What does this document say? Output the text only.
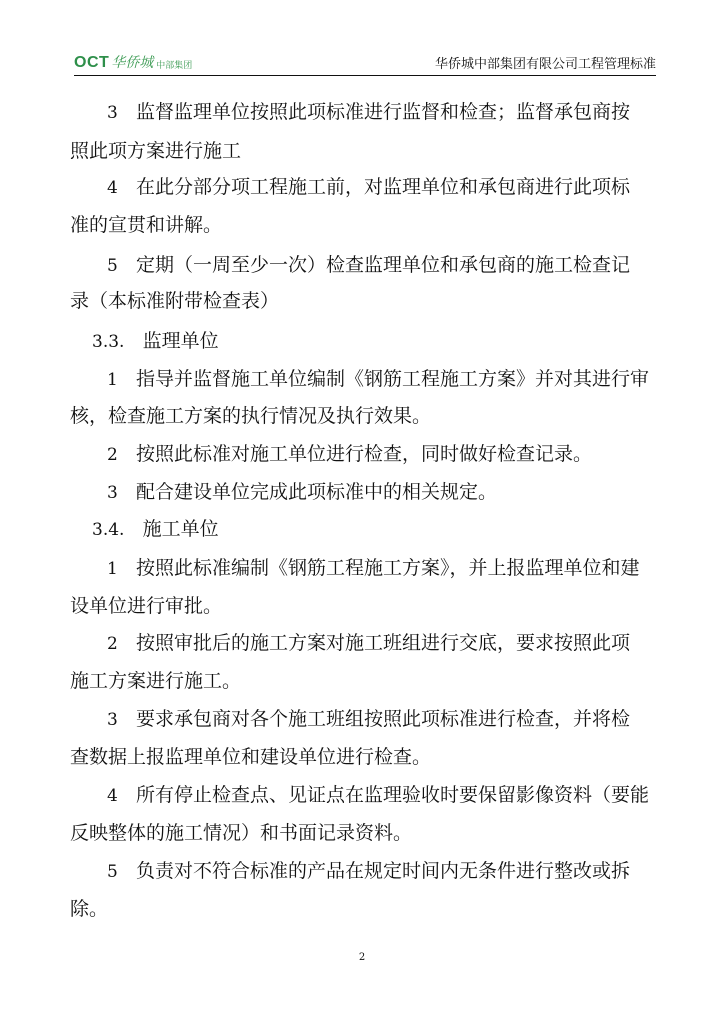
OCT 华侨城 中部集团	华侨城中部集团有限公司工程管理标准
3 监督监理单位按照此项标准进行监督和检查；监督承包商按
照此项方案进行施工
4 在此分部分项工程施工前，对监理单位和承包商进行此项标
准的宣贯和讲解。
5 定期（一周至少一次）检查监理单位和承包商的施工检查记
录（本标准附带检查表）
3.3. 监理单位
1 指导并监督施工单位编制《钢筋工程施工方案》并对其进行审
核，检查施工方案的执行情况及执行效果。
2 按照此标准对施工单位进行检查，同时做好检查记录。
3 配合建设单位完成此项标准中的相关规定。
3.4. 施工单位
1 按照此标准编制《钢筋工程施工方案》，并上报监理单位和建
设单位进行审批。
2 按照审批后的施工方案对施工班组进行交底，要求按照此项
施工方案进行施工。
3 要求承包商对各个施工班组按照此项标准进行检查，并将检
查数据上报监理单位和建设单位进行检查。
4 所有停止检查点、见证点在监理验收时要保留影像资料（要能
反映整体的施工情况）和书面记录资料。
5 负责对不符合标准的产品在规定时间内无条件进行整改或拆
除。
2
